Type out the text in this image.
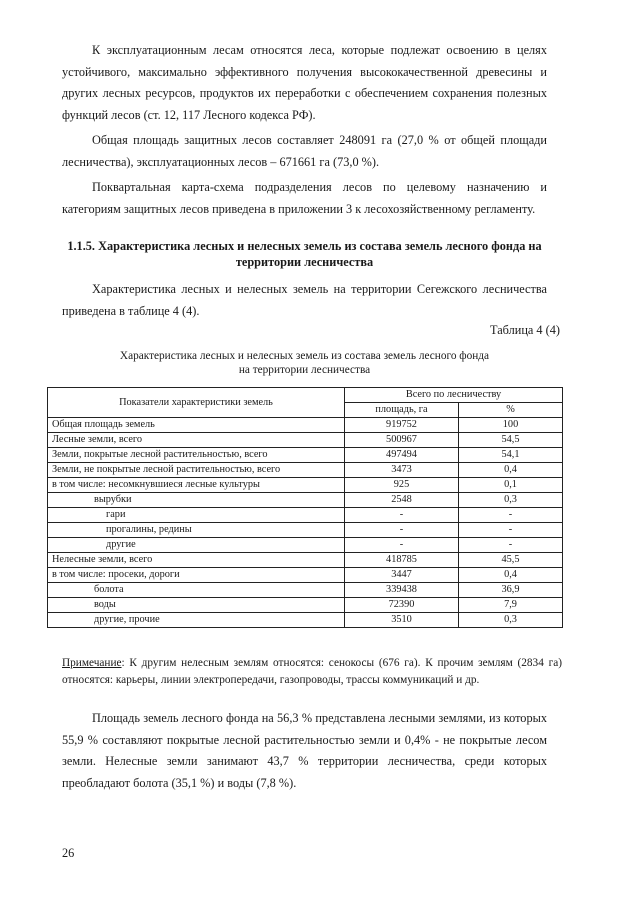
К эксплуатационным лесам относятся леса, которые подлежат освоению в целях устойчивого, максимально эффективного получения высококачественной древесины и других лесных ресурсов, продуктов их переработки с обеспечением сохранения полезных функций лесов (ст. 12, 117 Лесного кодекса РФ).

Общая площадь защитных лесов составляет 248091 га (27,0 % от общей площади лесничества), эксплуатационных лесов – 671661 га (73,0 %).

Поквартальная карта-схема подразделения лесов по целевому назначению и категориям защитных лесов приведена в приложении 3 к лесохозяйственному регламенту.

1.1.5. Характеристика лесных и нелесных земель из состава земель лесного фонда на территории лесничества

Характеристика лесных и нелесных земель на территории Сегежского лесничества приведена в таблице 4 (4).

Таблица 4 (4)

Характеристика лесных и нелесных земель из состава земель лесного фонда
на территории лесничества

Показатели характеристики земель	Всего по лесничеству	
	площадь, га	%
Общая площадь земель	919752	100
Лесные земли, всего	500967	54,5
Земли, покрытые лесной растительностью, всего	497494	54,1
Земли, не покрытые лесной растительностью, всего	3473	0,4
в том числе: несомкнувшиеся лесные культуры	925	0,1
вырубки	2548	0,3
гари	-	-
прогалины, редины	-	-
другие	-	-
Нелесные земли, всего	418785	45,5
в том числе: просеки, дороги	3447	0,4
болота	339438	36,9
воды	72390	7,9
другие, прочие	3510	0,3

Примечание: К другим нелесным землям относятся: сенокосы (676 га). К прочим землям (2834 га) относятся: карьеры, линии электропередачи, газопроводы, трассы коммуникаций и др.

Площадь земель лесного фонда на 56,3 % представлена лесными землями, из которых 55,9 % составляют покрытые лесной растительностью земли и 0,4% - не покрытые лесом земли. Нелесные земли занимают 43,7 % территории лесничества, среди которых преобладают болота (35,1 %) и воды (7,8 %).

26
